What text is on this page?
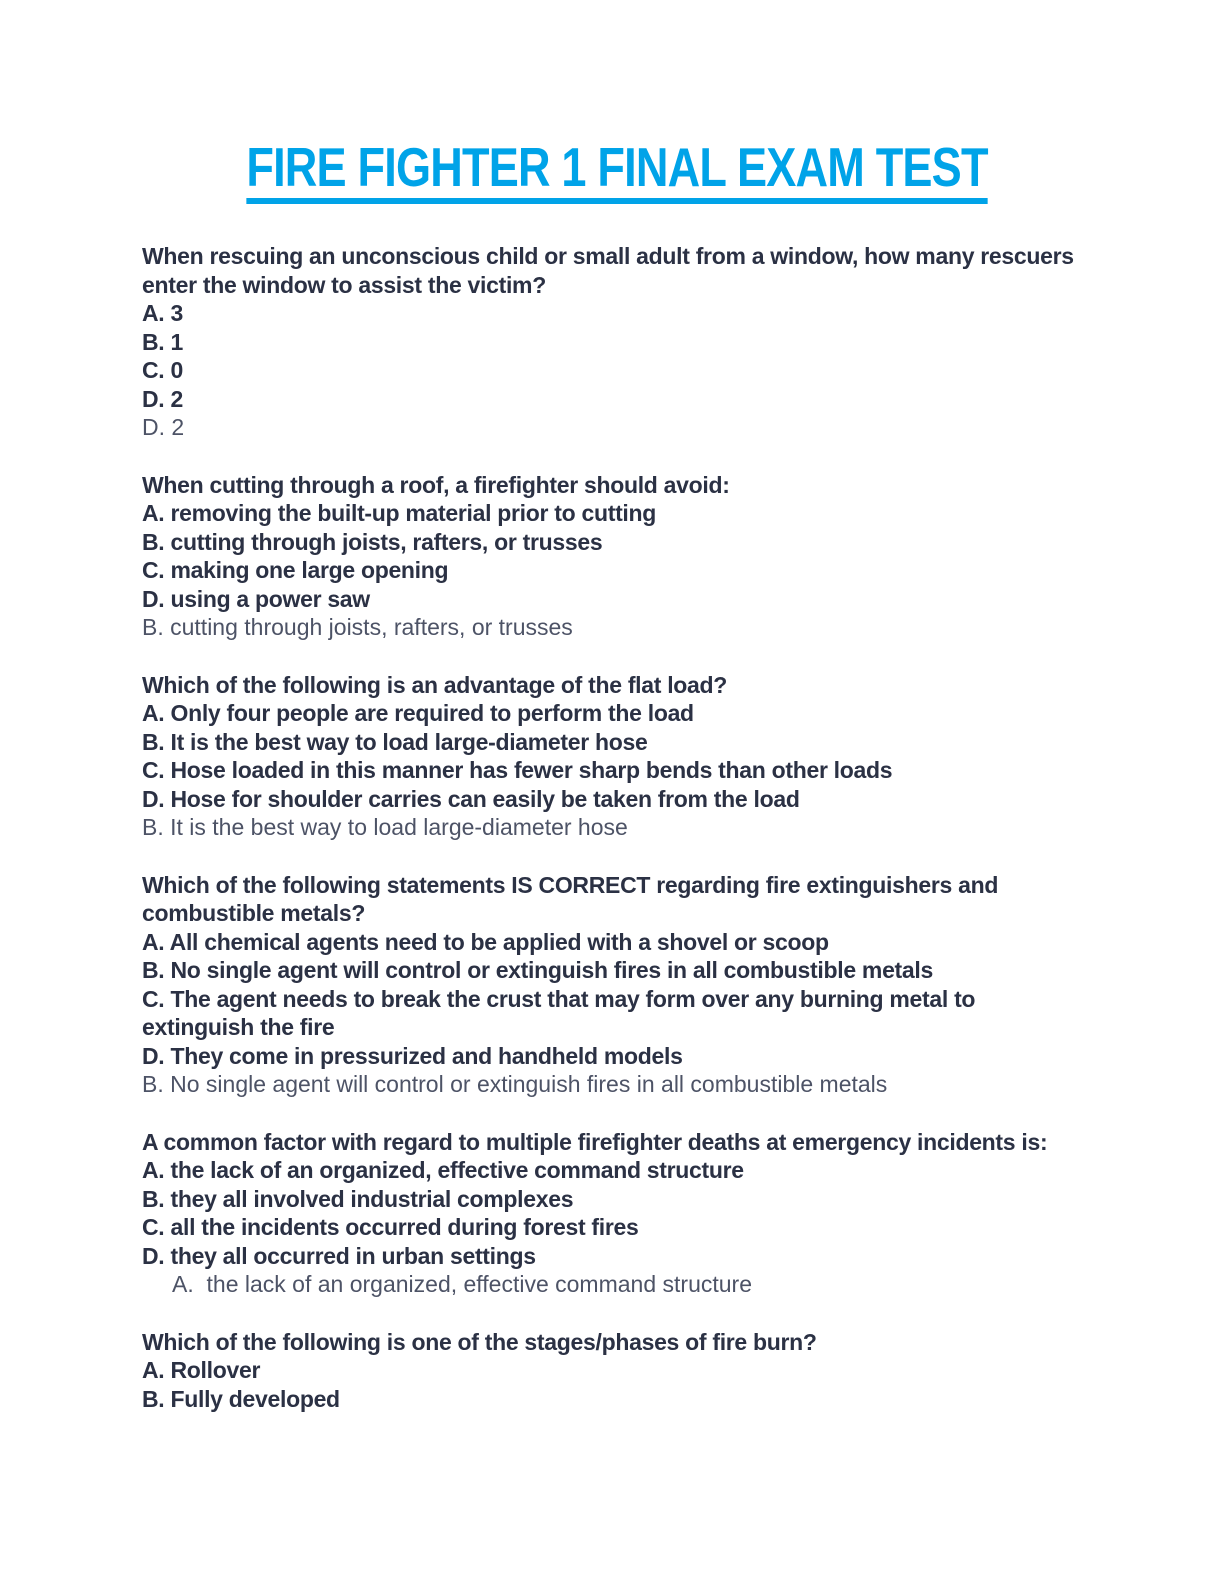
FIRE FIGHTER 1 FINAL EXAM TEST
When rescuing an unconscious child or small adult from a window, how many rescuers enter the window to assist the victim?
A. 3
B. 1
C. 0
D. 2
D. 2
When cutting through a roof, a firefighter should avoid:
A. removing the built-up material prior to cutting
B. cutting through joists, rafters, or trusses
C. making one large opening
D. using a power saw
B. cutting through joists, rafters, or trusses
Which of the following is an advantage of the flat load?
A. Only four people are required to perform the load
B. It is the best way to load large-diameter hose
C. Hose loaded in this manner has fewer sharp bends than other loads
D. Hose for shoulder carries can easily be taken from the load
B. It is the best way to load large-diameter hose
Which of the following statements IS CORRECT regarding fire extinguishers and combustible metals?
A. All chemical agents need to be applied with a shovel or scoop
B. No single agent will control or extinguish fires in all combustible metals
C. The agent needs to break the crust that may form over any burning metal to extinguish the fire
D. They come in pressurized and handheld models
B. No single agent will control or extinguish fires in all combustible metals
A common factor with regard to multiple firefighter deaths at emergency incidents is:
A. the lack of an organized, effective command structure
B. they all involved industrial complexes
C. all the incidents occurred during forest fires
D. they all occurred in urban settings
A.  the lack of an organized, effective command structure
Which of the following is one of the stages/phases of fire burn?
A. Rollover
B. Fully developed
